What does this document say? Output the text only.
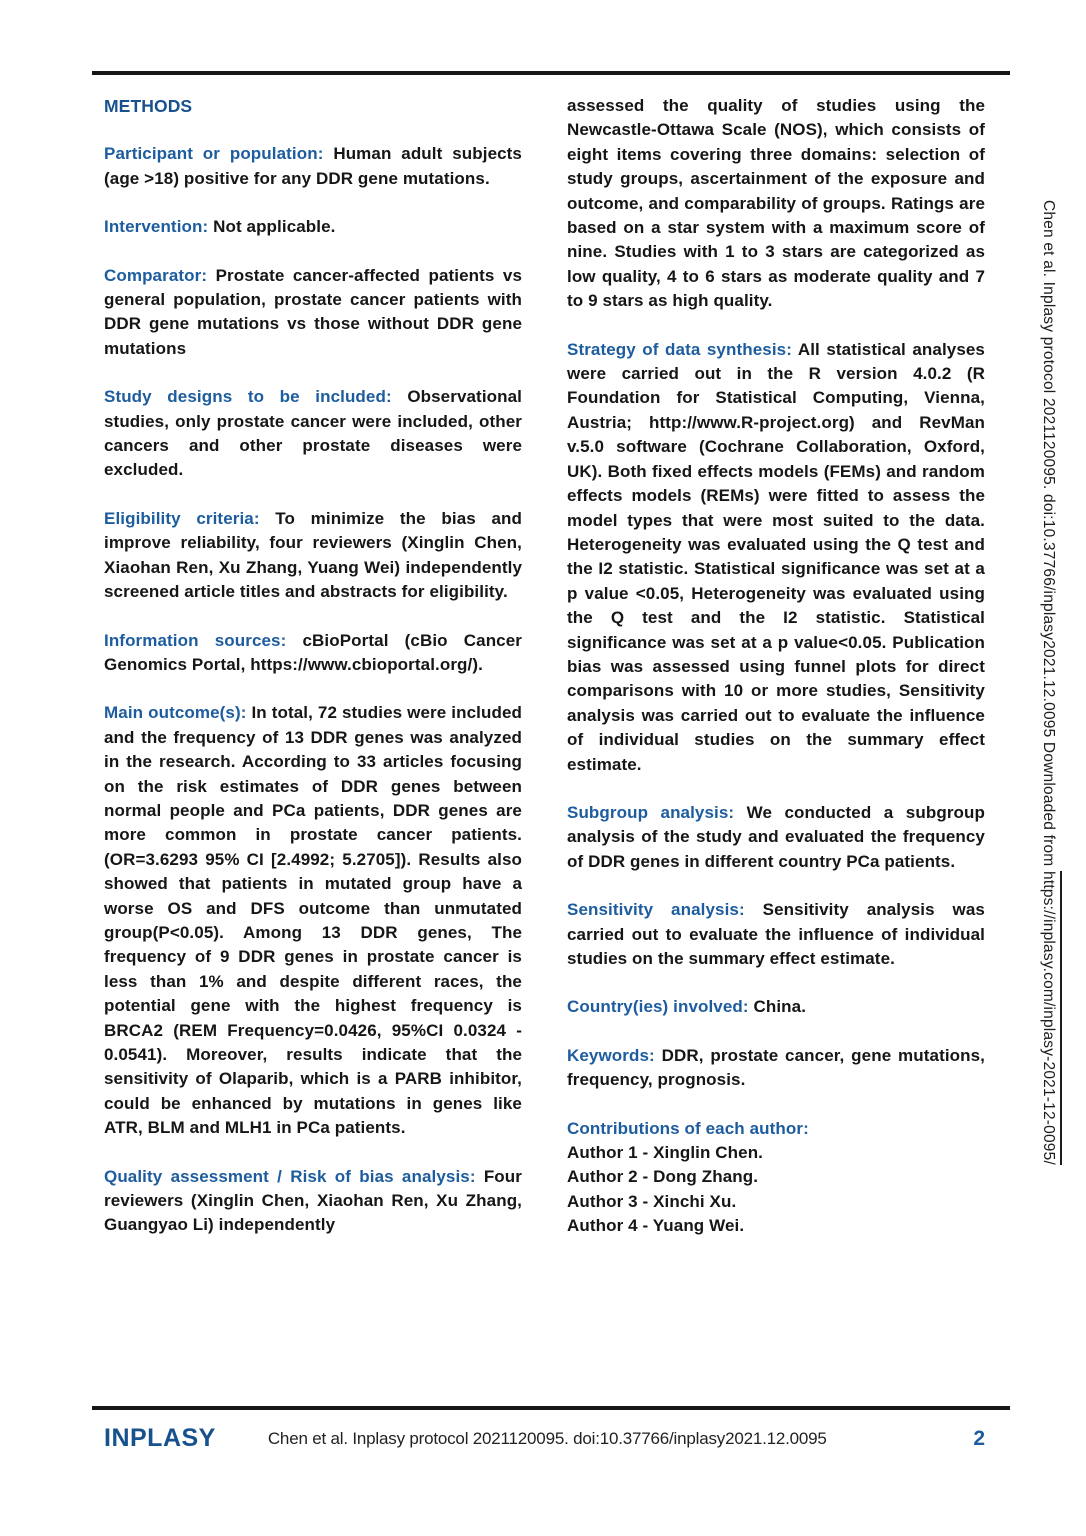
METHODS

Participant or population: Human adult subjects (age >18) positive for any DDR gene mutations.

Intervention: Not applicable.

Comparator: Prostate cancer-affected patients vs general population, prostate cancer patients with DDR gene mutations vs those without DDR gene mutations

Study designs to be included: Observational studies, only prostate cancer were included, other cancers and other prostate diseases were excluded.

Eligibility criteria: To minimize the bias and improve reliability, four reviewers (Xinglin Chen, Xiaohan Ren, Xu Zhang, Yuang Wei) independently screened article titles and abstracts for eligibility.

Information sources: cBioPortal (cBio Cancer Genomics Portal, https://www.cbioportal.org/).

Main outcome(s): In total, 72 studies were included and the frequency of 13 DDR genes was analyzed in the research. According to 33 articles focusing on the risk estimates of DDR genes between normal people and PCa patients, DDR genes are more common in prostate cancer patients. (OR=3.6293 95% CI [2.4992; 5.2705]). Results also showed that patients in mutated group have a worse OS and DFS outcome than unmutated group(P<0.05). Among 13 DDR genes, The frequency of 9 DDR genes in prostate cancer is less than 1% and despite different races, the potential gene with the highest frequency is BRCA2 (REM Frequency=0.0426, 95%CI 0.0324 - 0.0541). Moreover, results indicate that the sensitivity of Olaparib, which is a PARB inhibitor, could be enhanced by mutations in genes like ATR, BLM and MLH1 in PCa patients.

Quality assessment / Risk of bias analysis: Four reviewers (Xinglin Chen, Xiaohan Ren, Xu Zhang, Guangyao Li) independently

assessed the quality of studies using the Newcastle-Ottawa Scale (NOS), which consists of eight items covering three domains: selection of study groups, ascertainment of the exposure and outcome, and comparability of groups. Ratings are based on a star system with a maximum score of nine. Studies with 1 to 3 stars are categorized as low quality, 4 to 6 stars as moderate quality and 7 to 9 stars as high quality.

Strategy of data synthesis: All statistical analyses were carried out in the R version 4.0.2 (R Foundation for Statistical Computing, Vienna, Austria; http://www.R-project.org) and RevMan v.5.0 software (Cochrane Collaboration, Oxford, UK). Both fixed effects models (FEMs) and random effects models (REMs) were fitted to assess the model types that were most suited to the data. Heterogeneity was evaluated using the Q test and the I2 statistic. Statistical significance was set at a p value <0.05, Heterogeneity was evaluated using the Q test and the I2 statistic. Statistical significance was set at a p value<0.05. Publication bias was assessed using funnel plots for direct comparisons with 10 or more studies, Sensitivity analysis was carried out to evaluate the influence of individual studies on the summary effect estimate.

Subgroup analysis: We conducted a subgroup analysis of the study and evaluated the frequency of DDR genes in different country PCa patients.

Sensitivity analysis: Sensitivity analysis was carried out to evaluate the influence of individual studies on the summary effect estimate.

Country(ies) involved: China.

Keywords: DDR, prostate cancer, gene mutations, frequency, prognosis.

Contributions of each author:
Author 1 - Xinglin Chen.
Author 2 - Dong Zhang.
Author 3 - Xinchi Xu.
Author 4 - Yuang Wei.

Chen et al. Inplasy protocol 2021120095. doi:10.37766/inplasy2021.12.0095 Downloaded from https://inplasy.com/inplasy-2021-12-0095/
INPLASY	Chen et al. Inplasy protocol 2021120095. doi:10.37766/inplasy2021.12.0095	2
